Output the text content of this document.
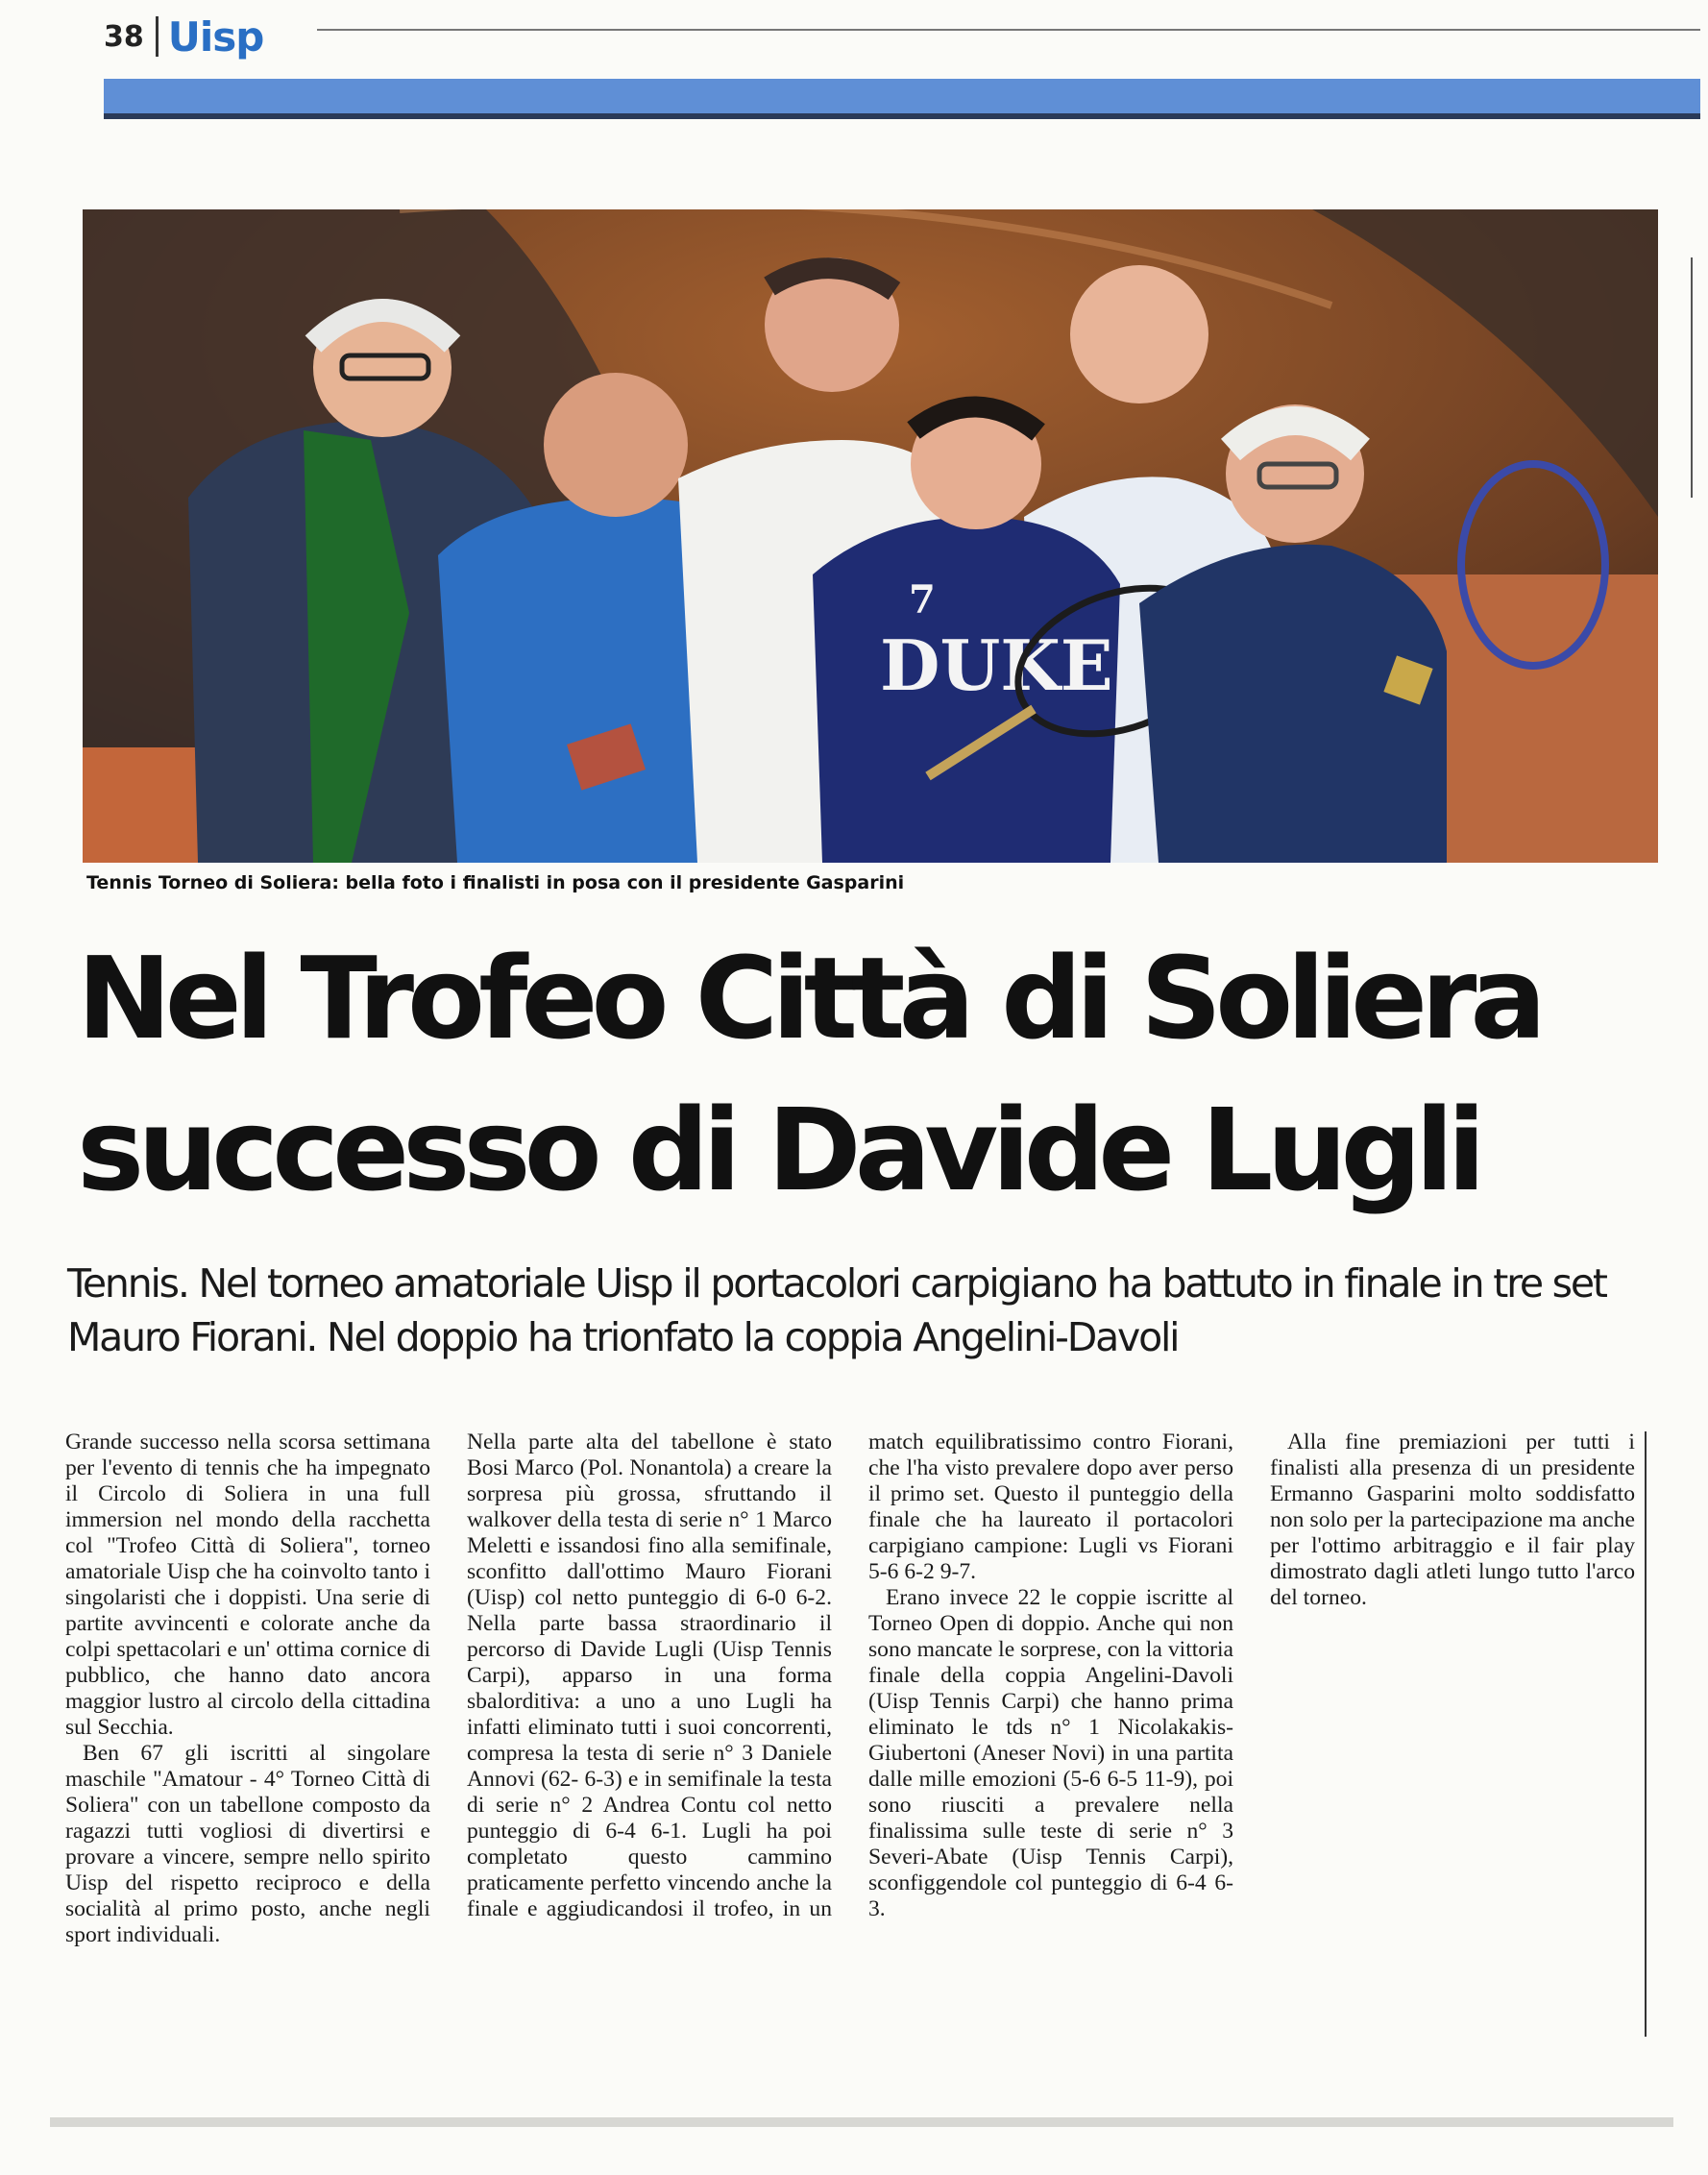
38 Uisp
7
DUKE
Tennis Torneo di Soliera: bella foto i finalisti in posa con il presidente Gasparini
Nel Trofeo Città di Soliera
successo di Davide Lugli
Tennis. Nel torneo amatoriale Uisp il portacolori carpigiano ha battuto in finale in tre set Mauro Fiorani. Nel doppio ha trionfato la coppia Angelini-Davoli

Grande successo nella scorsa settimana per l'evento di tennis che ha impegnato il Circolo di Soliera in una full immersion nel mondo della racchetta col "Trofeo Città di Soliera", torneo amatoriale Uisp che ha coinvolto tanto i singolaristi che i doppisti. Una serie di partite avvincenti e colorate anche da colpi spettacolari e un' ottima cornice di pubblico, che hanno dato ancora maggior lustro al circolo della cittadina sul Secchia.

Ben 67 gli iscritti al singolare maschile "Amatour - 4° Torneo Città di Soliera" con un tabellone composto da ragazzi tutti vogliosi di divertirsi e provare a vincere, sempre nello spirito Uisp del rispetto reciproco e della socialità al primo posto, anche negli sport individuali.

Nella parte alta del tabellone è stato Bosi Marco (Pol. Nonantola) a creare la sorpresa più grossa, sfruttando il walkover della testa di serie n° 1 Marco Meletti e issandosi fino alla semifinale, sconfitto dall'ottimo Mauro Fiorani (Uisp) col netto punteggio di 6-0 6-2. Nella parte bassa straordinario il percorso di Davide Lugli (Uisp Tennis Carpi), apparso in una forma sbalorditiva: a uno a uno Lugli ha infatti eliminato tutti i suoi concorrenti, compresa la testa di serie n° 3 Daniele Annovi (62- 6-3) e in semifinale la testa di serie n° 2 Andrea Contu col netto punteggio di 6-4 6-1. Lugli ha poi completato questo cammino praticamente perfetto vincendo anche la finale e aggiudicandosi il trofeo, in un match equilibratissimo contro Fiorani, che l'ha visto prevalere dopo aver perso il primo set. Questo il punteggio della finale che ha laureato il portacolori carpigiano campione: Lugli vs Fiorani 5-6 6-2 9-7.

Erano invece 22 le coppie iscritte al Torneo Open di doppio. Anche qui non sono mancate le sorprese, con la vittoria finale della coppia Angelini-Davoli (Uisp Tennis Carpi) che hanno prima eliminato le tds n° 1 Nicolakakis-Giubertoni (Aneser Novi) in una partita dalle mille emozioni (5-6 6-5 11-9), poi sono riusciti a prevalere nella finalissima sulle teste di serie n° 3 Severi-Abate (Uisp Tennis Carpi), sconfiggendole col punteggio di 6-4 6-3.

Alla fine premiazioni per tutti i finalisti alla presenza di un presidente Ermanno Gasparini molto soddisfatto non solo per la partecipazione ma anche per l'ottimo arbitraggio e il fair play dimostrato dagli atleti lungo tutto l'arco del torneo.
